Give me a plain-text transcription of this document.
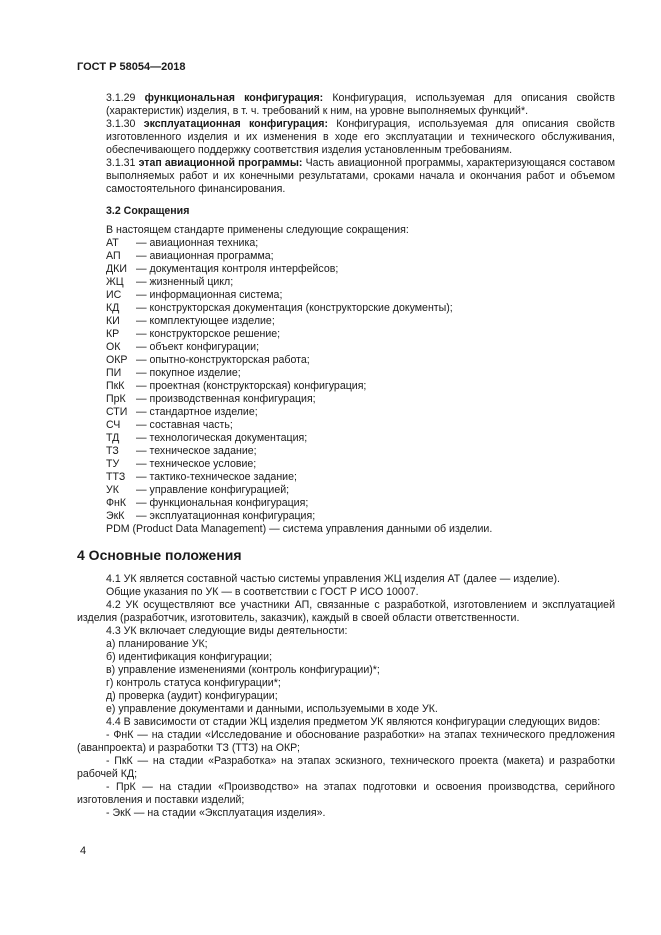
ГОСТ Р 58054—2018

3.1.29 функциональная конфигурация: Конфигурация, используемая для описания свойств (характеристик) изделия, в т. ч. требований к ним, на уровне выполняемых функций*.

3.1.30 эксплуатационная конфигурация: Конфигурация, используемая для описания свойств изготовленного изделия и их изменения в ходе его эксплуатации и технического обслуживания, обеспечивающего поддержку соответствия изделия установленным требованиям.

3.1.31 этап авиационной программы: Часть авиационной программы, характеризующаяся составом выполняемых работ и их конечными результатами, сроками начала и окончания работ и объемом самостоятельного финансирования.

3.2 Сокращения
В настоящем стандарте применены следующие сокращения:
АТ	— авиационная техника;
АП	— авиационная программа;
ДКИ — документация контроля интерфейсов;
ЖЦ	— жизненный цикл;
ИС	— информационная система;
КД	— конструкторская документация (конструкторские документы);
КИ	— комплектующее изделие;
КР	— конструкторское решение;
ОК	— объект конфигурации;
ОКР — опытно-конструкторская работа;
ПИ	— покупное изделие;
ПкК	— проектная (конструкторская) конфигурация;
ПрК — производственная конфигурация;
СТИ — стандартное изделие;
СЧ	— составная часть;
ТД	— технологическая документация;
ТЗ	— техническое задание;
ТУ	— техническое условие;
ТТЗ	— тактико-техническое задание;
УК	— управление конфигурацией;
ФнК — функциональная конфигурация;
ЭкК	— эксплуатационная конфигурация;
PDM (Product Data Management) — система управления данными об изделии.
4 Основные положения

4.1 УК является составной частью системы управления ЖЦ изделия АТ (далее — изделие).

Общие указания по УК — в соответствии с ГОСТ Р ИСО 10007.

4.2 УК осуществляют все участники АП, связанные с разработкой, изготовлением и эксплуатацией изделия (разработчик, изготовитель, заказчик), каждый в своей области ответственности.

4.3 УК включает следующие виды деятельности:

а) планирование УК;
б) идентификация конфигурации;
в) управление изменениями (контроль конфигурации)*;
г) контроль статуса конфигурации*;
д) проверка (аудит) конфигурации;
е) управление документами и данными, используемыми в ходе УК.

4.4 В зависимости от стадии ЖЦ изделия предметом УК являются конфигурации следующих видов:

- ФнК — на стадии «Исследование и обоснование разработки» на этапах технического предложения (аванпроекта) и разработки ТЗ (ТТЗ) на ОКР;

- ПкК — на стадии «Разработка» на этапах эскизного, технического проекта (макета) и разработки рабочей КД;

- ПрК — на стадии «Производство» на этапах подготовки и освоения производства, серийного изготовления и поставки изделий;

- ЭкК — на стадии «Эксплуатация изделия».

4
